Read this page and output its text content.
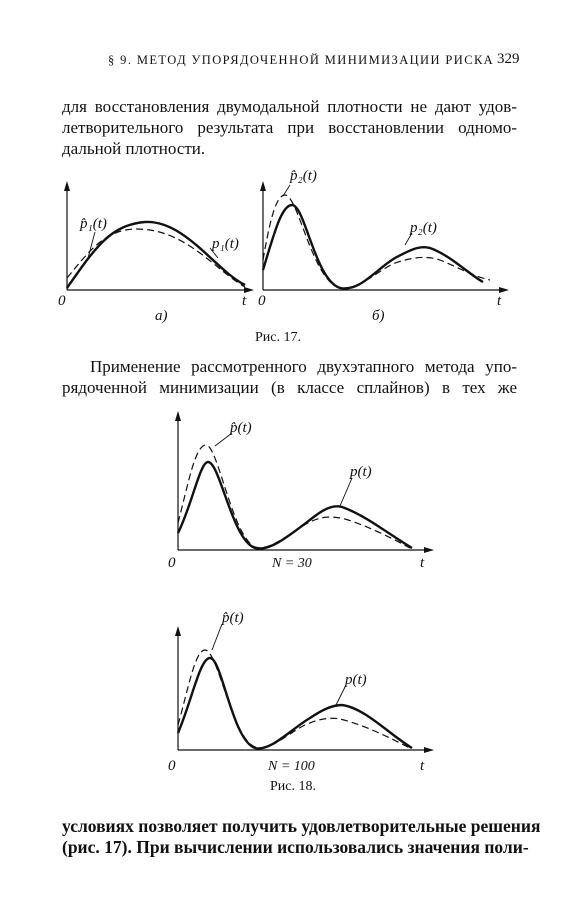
§ 9. МЕТОД УПОРЯДОЧЕННОЙ МИНИМИЗАЦИИ РИСКА 329
для восстановления двумодальной плотности не дают удов-
летворительного результата при восстановлении одномо-
дальной плотности.
p̂₁(t)
p₁(t)
0	t
а)
p̂₂(t)
p₂(t)
0	t
б)
Рис. 17.
Применение рассмотренного двухэтапного метода упо-
рядоченной минимизации (в классе сплайнов) в тех же
p̂(t)
p(t)
0	t
N = 30
p̂(t)
p(t)
0	t
N = 100
Рис. 18.
условиях позволяет получить удовлетворительные решения
(рис. 17). При вычислении использовались значения поли-
